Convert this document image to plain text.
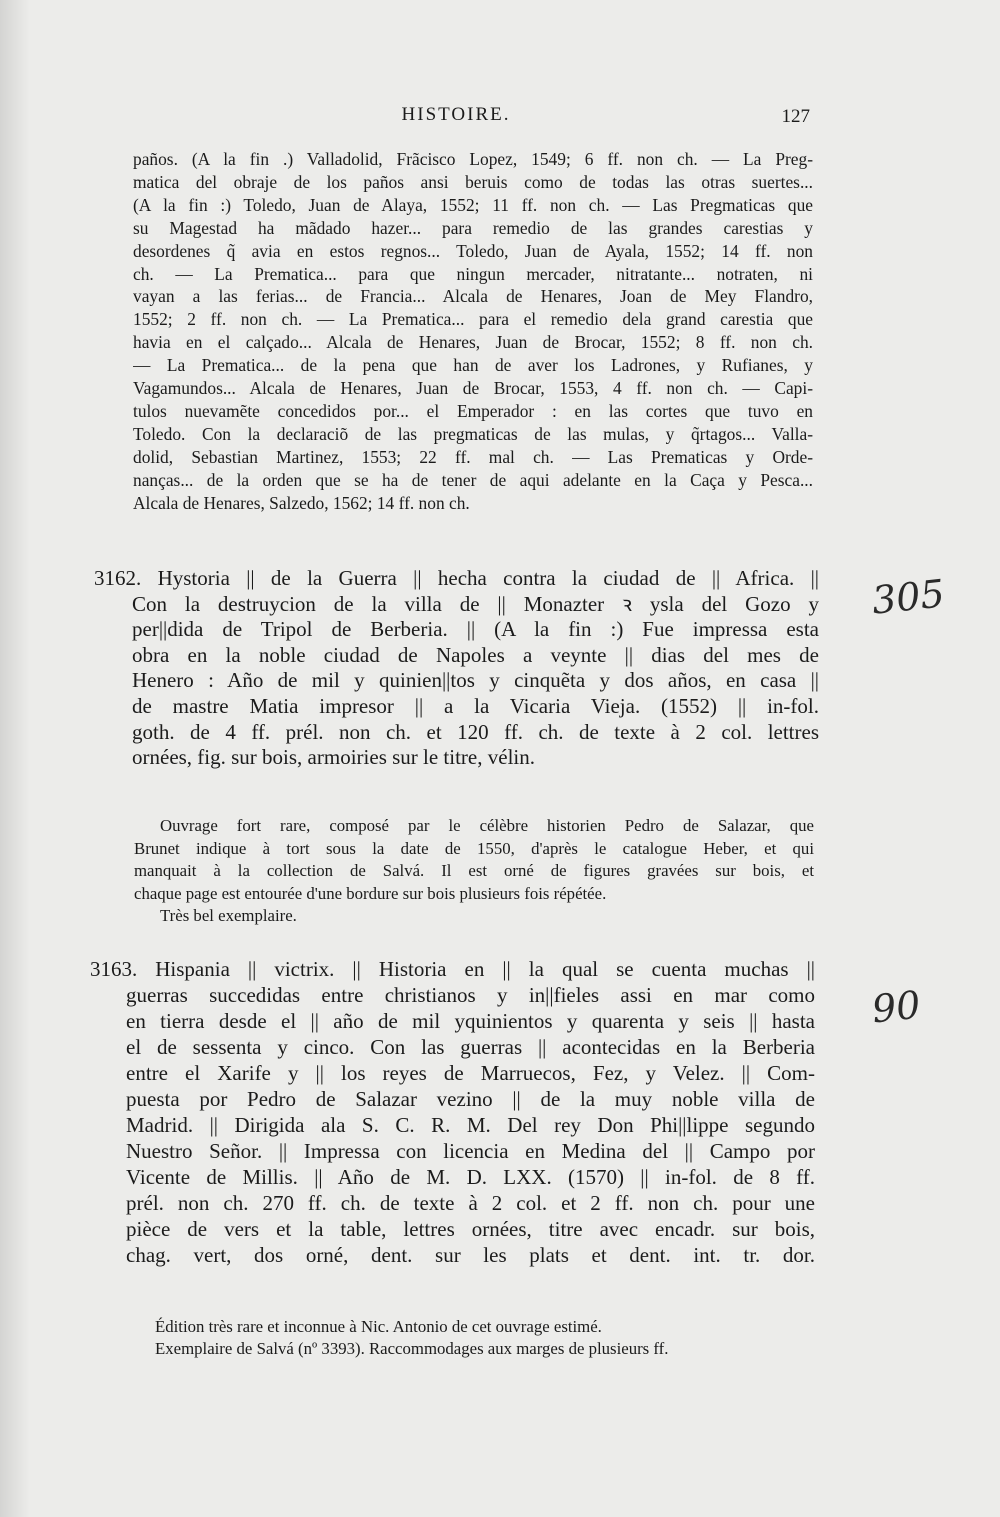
HISTOIRE.	127
paños. (A la fin .) Valladolid, Frãcisco Lopez, 1549; 6 ff. non ch. — La Preg-
matica del obraje de los paños ansi beruis como de todas las otras suertes...
(A la fin :) Toledo, Juan de Alaya, 1552; 11 ff. non ch. — Las Pregmaticas que
su Magestad ha mãdado hazer... para remedio de las grandes carestias y
desordenes q̃ avia en estos regnos... Toledo, Juan de Ayala, 1552; 14 ff. non
ch. — La Prematica... para que ningun mercader, nitratante... notraten, ni
vayan a las ferias... de Francia... Alcala de Henares, Joan de Mey Flandro,
1552; 2 ff. non ch. — La Prematica... para el remedio dela grand carestia que
havia en el calçado... Alcala de Henares, Juan de Brocar, 1552; 8 ff. non ch.
— La Prematica... de la pena que han de aver los Ladrones, y Rufianes, y
Vagamundos... Alcala de Henares, Juan de Brocar, 1553, 4 ff. non ch. — Capi-
tulos nuevamẽte concedidos por... el Emperador : en las cortes que tuvo en
Toledo. Con la declaraciõ de las pregmaticas de las mulas, y q̃rtagos... Valla-
dolid, Sebastian Martinez, 1553; 22 ff. mal ch. — Las Prematicas y Orde-
nanças... de la orden que se ha de tener de aqui adelante en la Caça y Pesca...
Alcala de Henares, Salzedo, 1562; 14 ff. non ch.
3162. Hystoria || de la Guerra || hecha contra la ciudad de || Africa. ||
Con la destruycion de la villa de || Monazter ꝛ ysla del Gozo y
per||dida de Tripol de Berberia. || (A la fin :) Fue impressa esta
obra en la noble ciudad de Napoles a veynte || dias del mes de
Henero : Año de mil y quinien||tos y cinquẽta y dos años, en casa ||
de mastre Matia impresor || a la Vicaria Vieja. (1552) || in-fol.
goth. de 4 ff. prél. non ch. et 120 ff. ch. de texte à 2 col. lettres
ornées, fig. sur bois, armoiries sur le titre, vélin.
Ouvrage fort rare, composé par le célèbre historien Pedro de Salazar, que
Brunet indique à tort sous la date de 1550, d'après le catalogue Heber, et qui
manquait à la collection de Salvá. Il est orné de figures gravées sur bois, et
chaque page est entourée d'une bordure sur bois plusieurs fois répétée.
Très bel exemplaire.
305
3163. Hispania || victrix. || Historia en || la qual se cuenta muchas ||
guerras succedidas entre christianos y in||fieles assi en mar como
en tierra desde el || año de mil yquinientos y quarenta y seis || hasta
el de sessenta y cinco. Con las guerras || acontecidas en la Berberia
entre el Xarife y || los reyes de Marruecos, Fez, y Velez. || Com-
puesta por Pedro de Salazar vezino || de la muy noble villa de
Madrid. || Dirigida ala S. C. R. M. Del rey Don Phi||lippe segundo
Nuestro Señor. || Impressa con licencia en Medina del || Campo por
Vicente de Millis. || Año de M. D. LXX. (1570) || in-fol. de 8 ff.
prél. non ch. 270 ff. ch. de texte à 2 col. et 2 ff. non ch. pour une
pièce de vers et la table, lettres ornées, titre avec encadr. sur bois,
chag. vert, dos orné, dent. sur les plats et dent. int. tr. dor.
90
Édition très rare et inconnue à Nic. Antonio de cet ouvrage estimé.
Exemplaire de Salvá (nº 3393). Raccommodages aux marges de plusieurs ff.
